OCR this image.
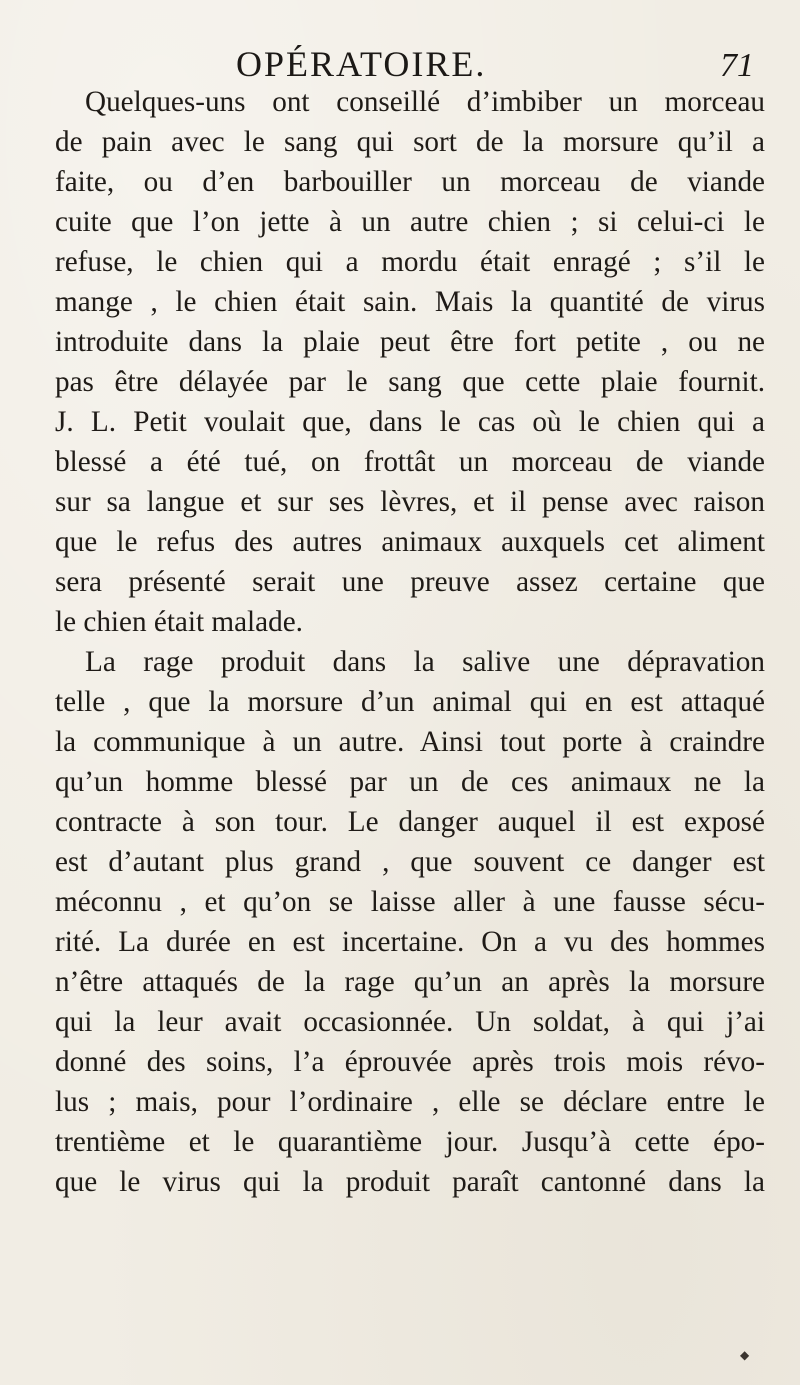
OPÉRATOIRE.	71
Quelques-uns ont conseillé d’imbiber un morceau
de pain avec le sang qui sort de la morsure qu’il a
faite, ou d’en barbouiller un morceau de viande
cuite que l’on jette à un autre chien ; si celui-ci le
refuse, le chien qui a mordu était enragé ; s’il le
mange , le chien était sain. Mais la quantité de virus
introduite dans la plaie peut être fort petite , ou ne
pas être délayée par le sang que cette plaie fournit.
J. L. Petit voulait que, dans le cas où le chien qui a
blessé a été tué, on frottât un morceau de viande
sur sa langue et sur ses lèvres, et il pense avec raison
que le refus des autres animaux auxquels cet aliment
sera présenté serait une preuve assez certaine que
le chien était malade.
La rage produit dans la salive une dépravation
telle , que la morsure d’un animal qui en est attaqué
la communique à un autre. Ainsi tout porte à craindre
qu’un homme blessé par un de ces animaux ne la
contracte à son tour. Le danger auquel il est exposé
est d’autant plus grand , que souvent ce danger est
méconnu , et qu’on se laisse aller à une fausse sécu-
rité. La durée en est incertaine. On a vu des hommes
n’être attaqués de la rage qu’un an après la morsure
qui la leur avait occasionnée. Un soldat, à qui j’ai
donné des soins, l’a éprouvée après trois mois révo-
lus ; mais, pour l’ordinaire , elle se déclare entre le
trentième et le quarantième jour. Jusqu’à cette épo-
que le virus qui la produit paraît cantonné dans la
◆
